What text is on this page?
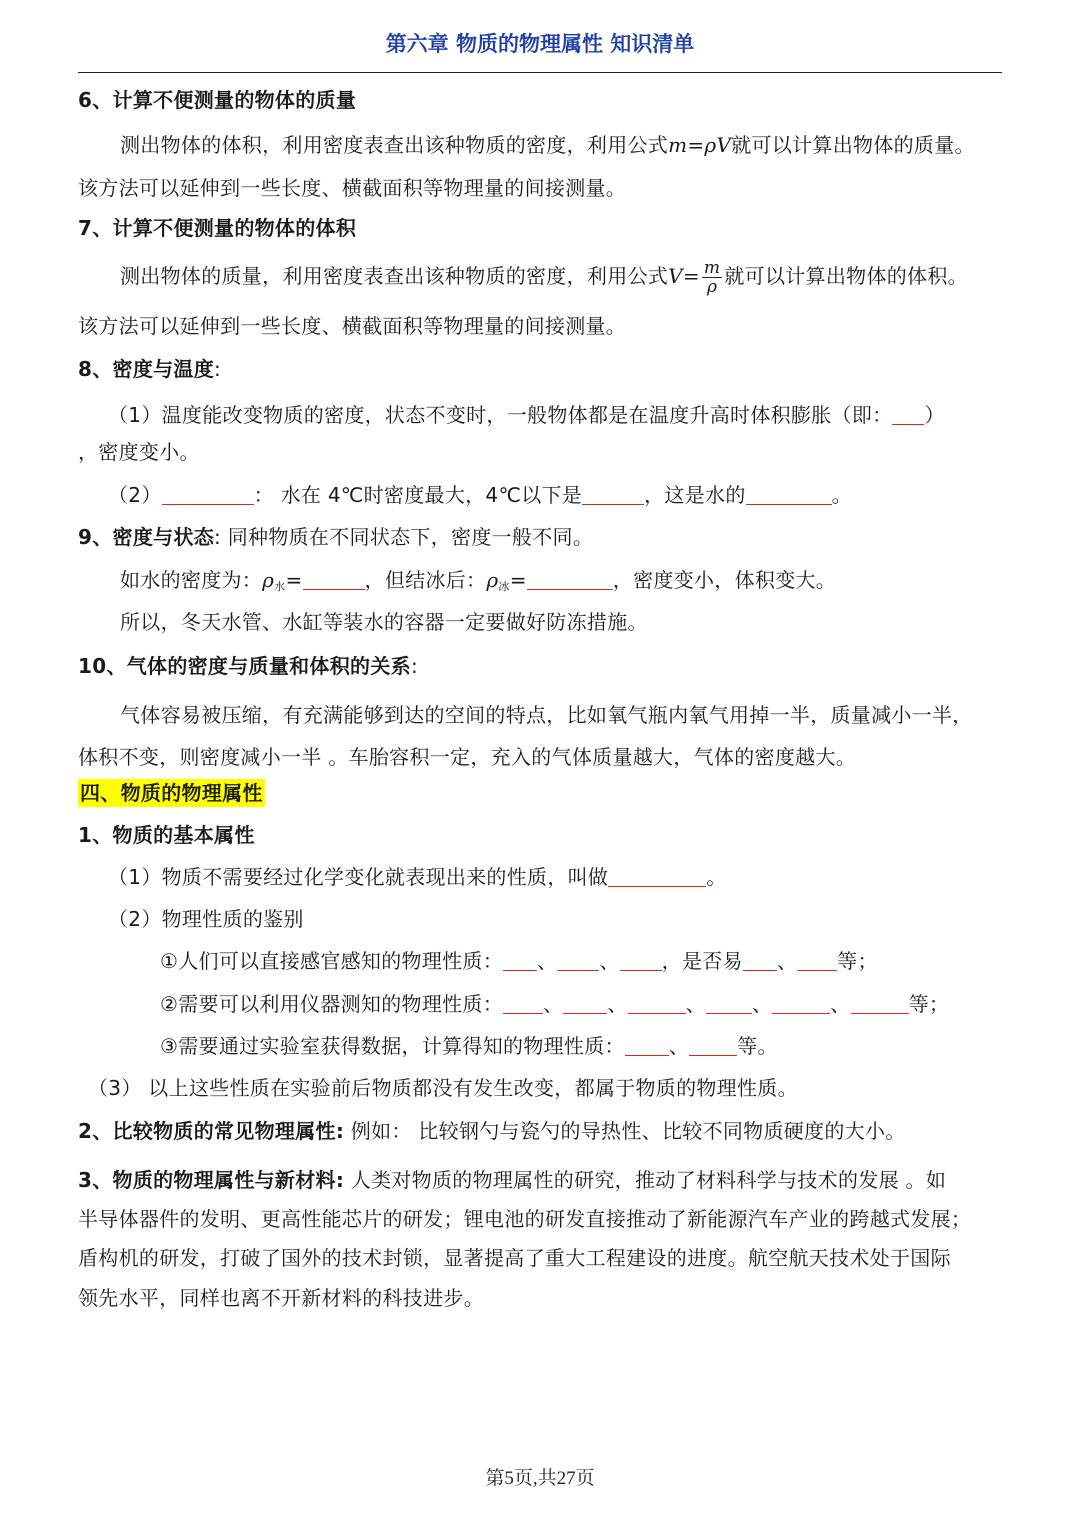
第六章 物质的物理属性 知识清单
6、计算不便测量的物体的质量
测出物体的体积，利用密度表查出该种物质的密度，利用公式m=ρV就可以计算出物体的质量。
该方法可以延伸到一些长度、横截面积等物理量的间接测量。
7、计算不便测量的物体的体积
测出物体的质量，利用密度表查出该种物质的密度，利用公式$V= \frac{m}{\rho}$ 就可以计算出物体的体积。
该方法可以延伸到一些长度、横截面积等物理量的间接测量。
8、密度与温度:
（1）温度能改变物质的密度，状态不变时，一般物体都是在温度升高时体积膨胀（即： ）
，密度变小。
（2）	： 水在 4℃时密度最大，4℃以下是	，这是水的	。
9、密度与状态: 同种物质在不同状态下，密度一般不同。
如水的密度为：$\rho_水=$	，但结冰后：$\rho_冰=$	，密度变小，体积变大。
所以，冬天水管、水缸等装水的容器一定要做好防冻措施。
10、气体的密度与质量和体积的关系:
气体容易被压缩，有充满能够到达的空间的特点，比如氧气瓶内氧气用掉一半，质量减小一半，
体积不变，则密度减小一半 。车胎容积一定，充入的气体质量越大，气体的密度越大。
四、物质的物理属性
1、物质的基本属性
（1）物质不需要经过化学变化就表现出来的性质，叫做	。
（2）物理性质的鉴别
①人们可以直接感官感知的物理性质： 、 、 ，是否易 、 等；
②需要可以利用仪器测知的物理性质： 、 、	、 、	、	等；
③需要通过实验室获得数据，计算得知的物理性质： 、 等。
（3） 以上这些性质在实验前后物质都没有发生改变，都属于物质的物理性质。
2、比较物质的常见物理属性: 例如： 比较钢勺与瓷勺的导热性、比较不同物质硬度的大小。
3、物质的物理属性与新材料: 人类对物质的物理属性的研究，推动了材料科学与技术的发展 。如
半导体器件的发明、更高性能芯片的研发；锂电池的研发直接推动了新能源汽车产业的跨越式发展；
盾构机的研发，打破了国外的技术封锁，显著提高了重大工程建设的进度。航空航天技术处于国际
领先水平，同样也离不开新材料的科技进步。
第5页,共27页
